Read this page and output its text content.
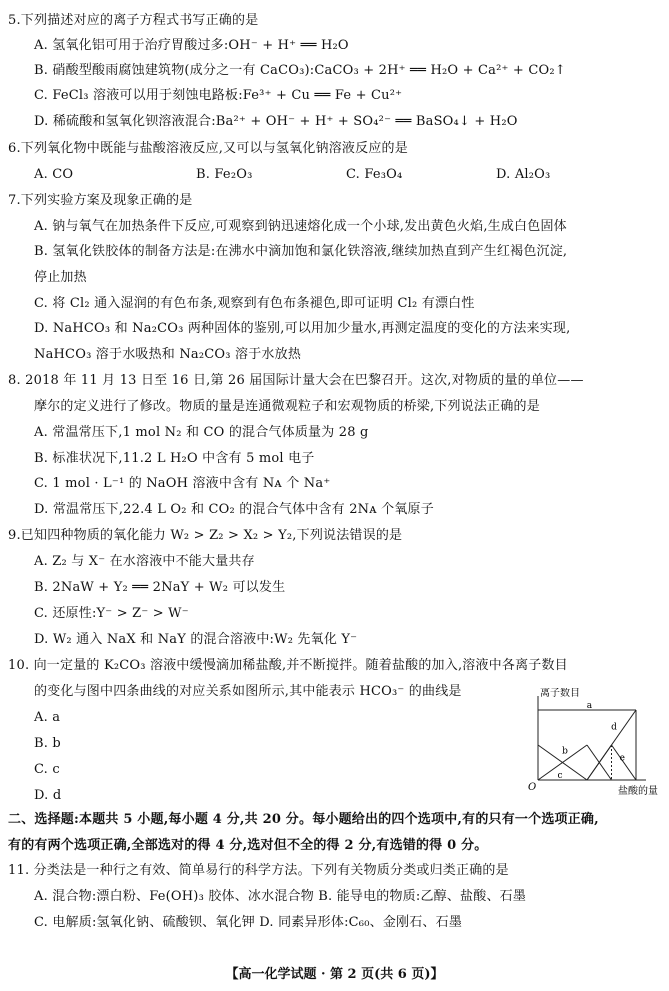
5.下列描述对应的离子方程式书写正确的是
A. 氢氧化铝可用于治疗胃酸过多:OH⁻ + H⁺ ══ H₂O
B. 硝酸型酸雨腐蚀建筑物(成分之一有 CaCO₃):CaCO₃ + 2H⁺ ══ H₂O + Ca²⁺ + CO₂↑
C. FeCl₃ 溶液可以用于刻蚀电路板:Fe³⁺ + Cu ══ Fe + Cu²⁺
D. 稀硫酸和氢氧化钡溶液混合:Ba²⁺ + OH⁻ + H⁺ + SO₄²⁻ ══ BaSO₄↓ + H₂O
6.下列氧化物中既能与盐酸溶液反应,又可以与氢氧化钠溶液反应的是
A. CO	B. Fe₂O₃	C. Fe₃O₄	D. Al₂O₃
7.下列实验方案及现象正确的是
A. 钠与氧气在加热条件下反应,可观察到钠迅速熔化成一个小球,发出黄色火焰,生成白色固体
B. 氢氧化铁胶体的制备方法是:在沸水中滴加饱和氯化铁溶液,继续加热直到产生红褐色沉淀,
停止加热
C. 将 Cl₂ 通入湿润的有色布条,观察到有色布条褪色,即可证明 Cl₂ 有漂白性
D. NaHCO₃ 和 Na₂CO₃ 两种固体的鉴别,可以用加少量水,再测定温度的变化的方法来实现,
NaHCO₃ 溶于水吸热和 Na₂CO₃ 溶于水放热
8. 2018 年 11 月 13 日至 16 日,第 26 届国际计量大会在巴黎召开。这次,对物质的量的单位——
摩尔的定义进行了修改。物质的量是连通微观粒子和宏观物质的桥梁,下列说法正确的是
A. 常温常压下,1 mol N₂ 和 CO 的混合气体质量为 28 g
B. 标准状况下,11.2 L H₂O 中含有 5 mol 电子
C. 1 mol · L⁻¹ 的 NaOH 溶液中含有 Nᴀ 个 Na⁺
D. 常温常压下,22.4 L O₂ 和 CO₂ 的混合气体中含有 2Nᴀ 个氧原子
9.已知四种物质的氧化能力 W₂ > Z₂ > X₂ > Y₂,下列说法错误的是
A. Z₂ 与 X⁻ 在水溶液中不能大量共存
B. 2NaW + Y₂ ══ 2NaY + W₂ 可以发生
C. 还原性:Y⁻ > Z⁻ > W⁻
D. W₂ 通入 NaX 和 NaY 的混合溶液中:W₂ 先氧化 Y⁻
10. 向一定量的 K₂CO₃ 溶液中缓慢滴加稀盐酸,并不断搅拌。随着盐酸的加入,溶液中各离子数目
的变化与图中四条曲线的对应关系如图所示,其中能表示 HCO₃⁻ 的曲线是
A. a
B. b
C. c
D. d
a
b
c
d
e
离子数目
盐酸的量
O
二、选择题:本题共 5 小题,每小题 4 分,共 20 分。每小题给出的四个选项中,有的只有一个选项正确,
有的有两个选项正确,全部选对的得 4 分,选对但不全的得 2 分,有选错的得 0 分。
11. 分类法是一种行之有效、简单易行的科学方法。下列有关物质分类或归类正确的是
A. 混合物:漂白粉、Fe(OH)₃ 胶体、冰水混合物 B. 能导电的物质:乙醇、盐酸、石墨
C. 电解质:氢氧化钠、硫酸钡、氧化钾 D. 同素异形体:C₆₀、金刚石、石墨
【高一化学试题 · 第 2 页(共 6 页)】
